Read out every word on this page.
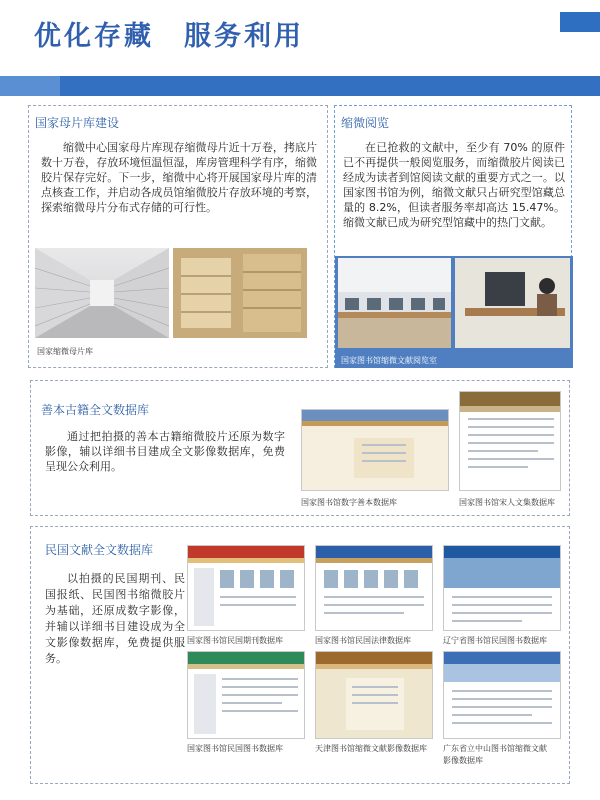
优化存藏　服务利用
国家母片库建设
缩微中心国家母片库现存缩微母片近十万卷，拷底片数十万卷，存放环境恒温恒湿，库房管理科学有序，缩微胶片保存完好。下一步，缩微中心将开展国家母片库的清点核查工作，并启动各成员馆缩微胶片存放环境的考察，探索缩微母片分布式存储的可行性。
国家缩微母片库
缩微阅览
在已抢救的文献中，至少有 70% 的原件已不再提供一般阅览服务，而缩微胶片阅读已经成为读者到馆阅读文献的重要方式之一。以国家图书馆为例，缩微文献只占研究型馆藏总量的 8.2%，但读者服务率却高达 15.47%。缩微文献已成为研究型馆藏中的热门文献。
国家图书馆缩微文献阅览室
善本古籍全文数据库
通过把拍摄的善本古籍缩微胶片还原为数字影像，辅以详细书目建成全文影像数据库，免费呈现公众利用。
国家图书馆数字善本数据库	国家图书馆宋人文集数据库
民国文献全文数据库
以拍摄的民国期刊、民国报纸、民国图书缩微胶片为基础，还原成数字影像，并辅以详细书目建设成为全文影像数据库，免费提供服务。
国家图书馆民国期刊数据库	国家图书馆民国法律数据库	辽宁省图书馆民国图书数据库
国家图书馆民国图书数据库	天津图书馆缩微文献影像数据库 广东省立中山图书馆缩微文献
影像数据库
